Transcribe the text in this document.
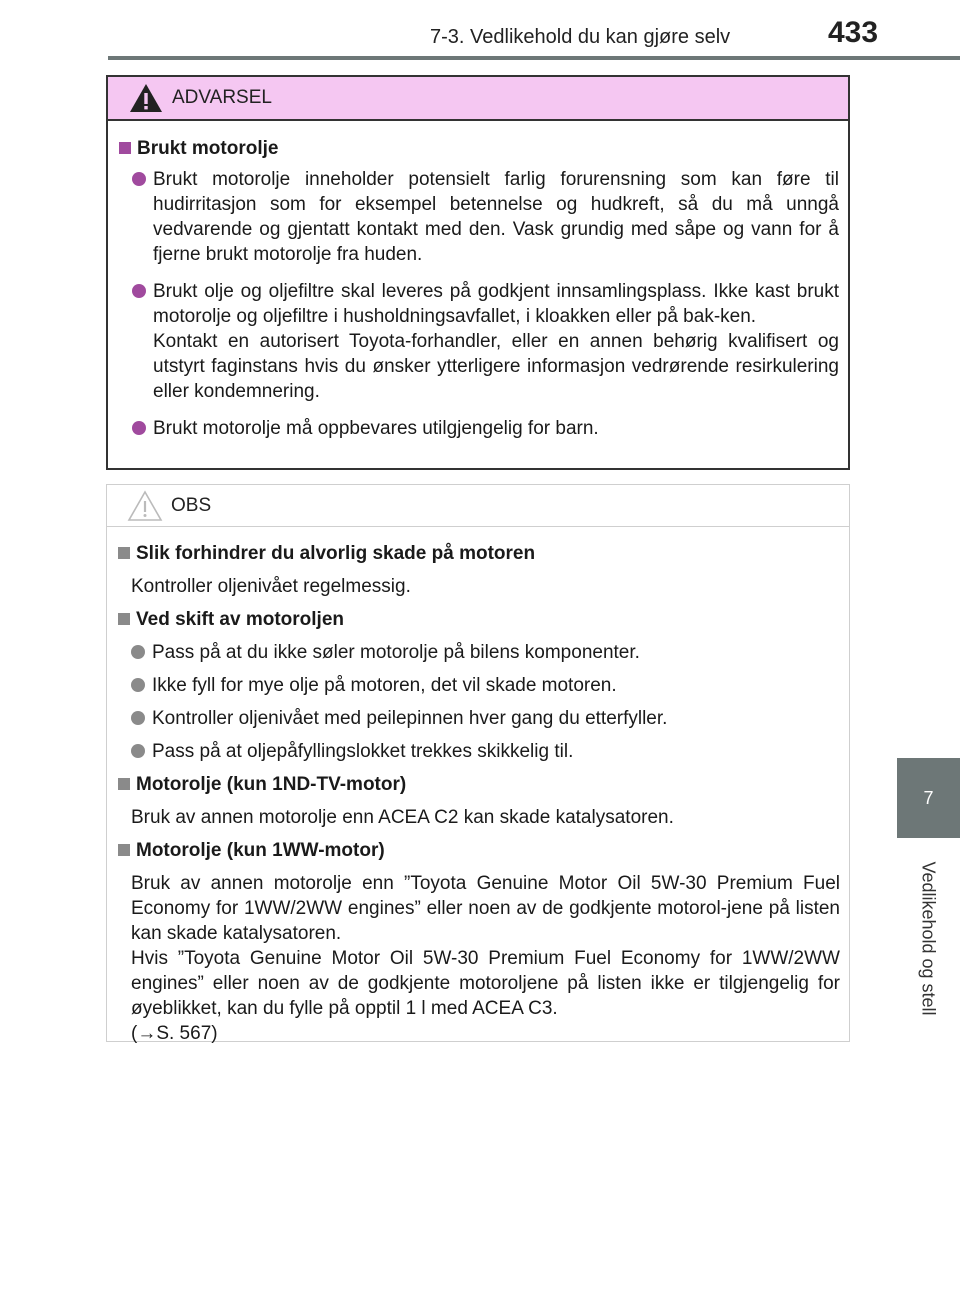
7-3. Vedlikehold du kan gjøre selv	433
7
Vedlikehold og stell
ADVARSEL
Brukt motorolje
Brukt motorolje inneholder potensielt farlig forurensning som kan føre til hudirritasjon som for eksempel betennelse og hudkreft, så du må unngå vedvarende og gjentatt kontakt med den. Vask grundig med såpe og vann for å fjerne brukt motorolje fra huden.
Brukt olje og oljefiltre skal leveres på godkjent innsamlingsplass. Ikke kast brukt motorolje og oljefiltre i husholdningsavfallet, i kloakken eller på bak-ken.
Kontakt en autorisert Toyota-forhandler, eller en annen behørig kvalifisert og utstyrt faginstans hvis du ønsker ytterligere informasjon vedrørende resirkulering eller kondemnering.
Brukt motorolje må oppbevares utilgjengelig for barn.
OBS
Slik forhindrer du alvorlig skade på motoren
Kontroller oljenivået regelmessig.
Ved skift av motoroljen
Pass på at du ikke søler motorolje på bilens komponenter.
Ikke fyll for mye olje på motoren, det vil skade motoren.
Kontroller oljenivået med peilepinnen hver gang du etterfyller.
Pass på at oljepåfyllingslokket trekkes skikkelig til.
Motorolje (kun 1ND-TV-motor)
Bruk av annen motorolje enn ACEA C2 kan skade katalysatoren.
Motorolje (kun 1WW-motor)
Bruk av annen motorolje enn ”Toyota Genuine Motor Oil 5W-30 Premium Fuel Economy for 1WW/2WW engines” eller noen av de godkjente motorol-jene på listen kan skade katalysatoren.
Hvis ”Toyota Genuine Motor Oil 5W-30 Premium Fuel Economy for 1WW/2WW engines” eller noen av de godkjente motoroljene på listen ikke er tilgjengelig for øyeblikket, kan du fylle på opptil 1 l med ACEA C3.
(→S. 567)
